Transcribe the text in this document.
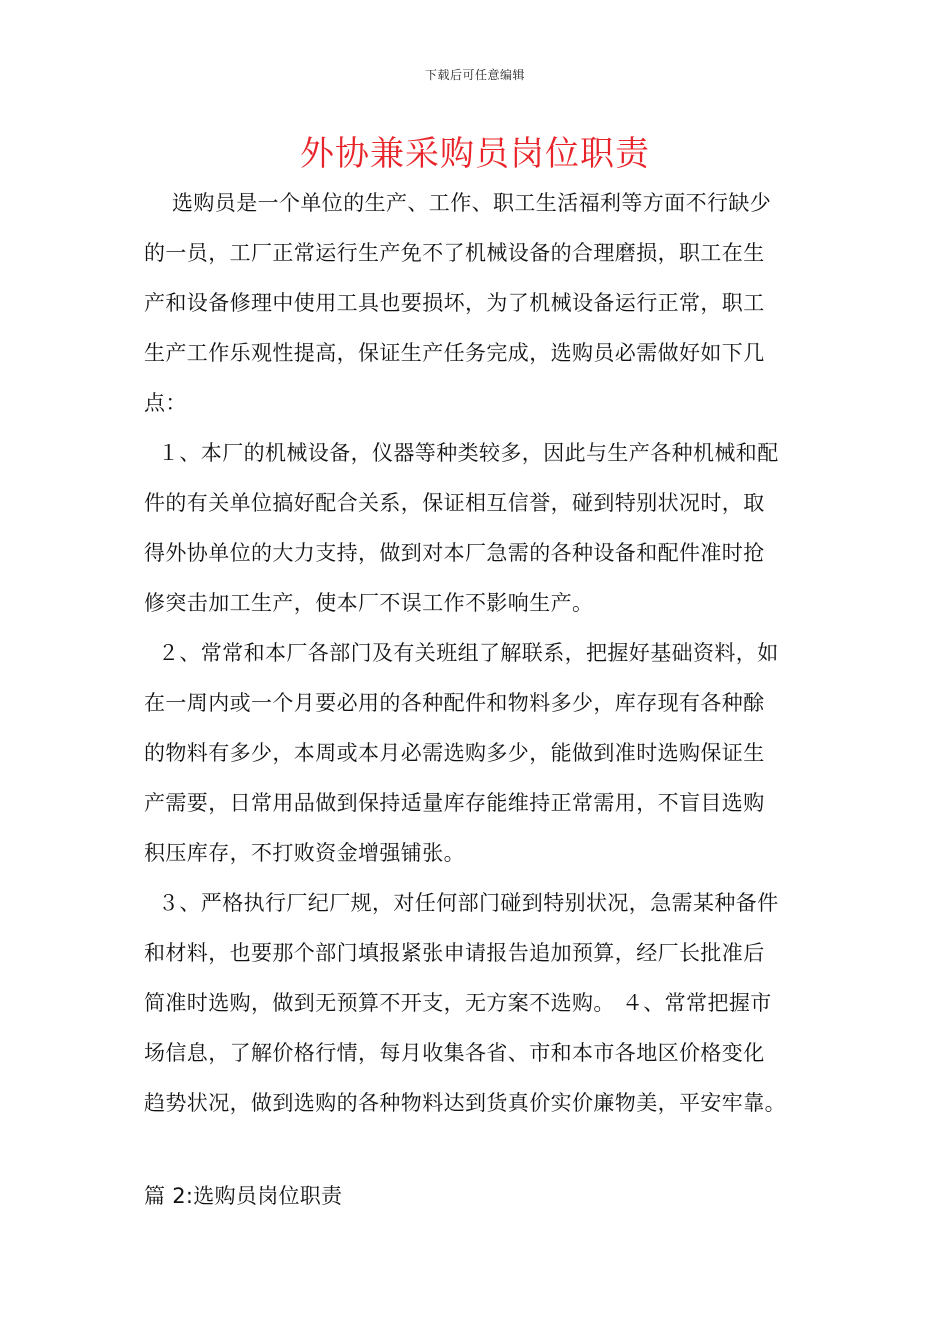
下载后可任意编辑
外协兼采购员岗位职责
选购员是一个单位的生产、工作、职工生活福利等方面不行缺少
的一员，工厂正常运行生产免不了机械设备的合理磨损，职工在生
产和设备修理中使用工具也要损坏，为了机械设备运行正常，职工
生产工作乐观性提高，保证生产任务完成，选购员必需做好如下几
点：
１、本厂的机械设备，仪器等种类较多，因此与生产各种机械和配
件的有关单位搞好配合关系，保证相互信誉，碰到特别状况时，取
得外协单位的大力支持，做到对本厂急需的各种设备和配件准时抢
修突击加工生产，使本厂不误工作不影响生产。
２、常常和本厂各部门及有关班组了解联系，把握好基础资料，如
在一周内或一个月要必用的各种配件和物料多少，库存现有各种酴
的物料有多少，本周或本月必需选购多少，能做到准时选购保证生
产需要，日常用品做到保持适量库存能维持正常需用，不盲目选购
积压库存，不打败资金增强铺张。
３、严格执行厂纪厂规，对任何部门碰到特别状况，急需某种备件
和材料，也要那个部门填报紧张申请报告追加预算，经厂长批准后
简准时选购，做到无预算不开支，无方案不选购。 ４、常常把握市
场信息，了解价格行情，每月收集各省、市和本市各地区价格变化
趋势状况，做到选购的各种物料达到货真价实价廉物美，平安牢靠。
篇 2:选购员岗位职责
